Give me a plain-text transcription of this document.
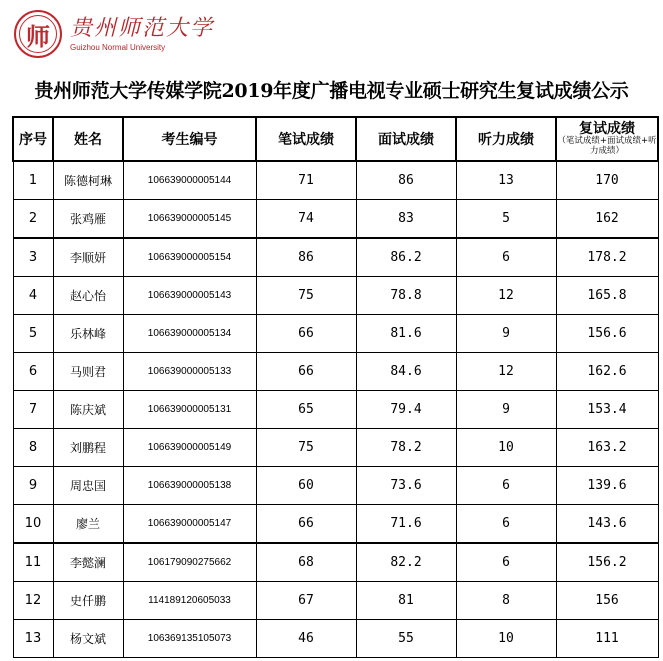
师 贵州师范大学
Guizhou Normal University
贵州师范大学传媒学院2019年度广播电视专业硕士研究生复试成绩公示
序号	姓名	考生编号	笔试成绩	面试成绩	听力成绩	复试成绩
（笔试成绩+面试成绩+听力成绩）

1	陈德柯琳	106639000005144	71	86	13	170
2	张鸡雁	106639000005145	74	83	5	162
3	李顺妍	106639000005154	86	86.2	6	178.2
4	赵心怡	106639000005143	75	78.8	12	165.8
5	乐林峰	106639000005134	66	81.6	9	156.6
6	马则君	106639000005133	66	84.6	12	162.6
7	陈庆斌	106639000005131	65	79.4	9	153.4
8	刘鹏程	106639000005149	75	78.2	10	163.2
9	周忠国	106639000005138	60	73.6	6	139.6
10	廖兰	106639000005147	66	71.6	6	143.6
11	李懿澜	106179090275662	68	82.2	6	156.2
12	史仟鹏	114189120605033	67	81	8	156
13	杨文斌	106369135105073	46	55	10	111
